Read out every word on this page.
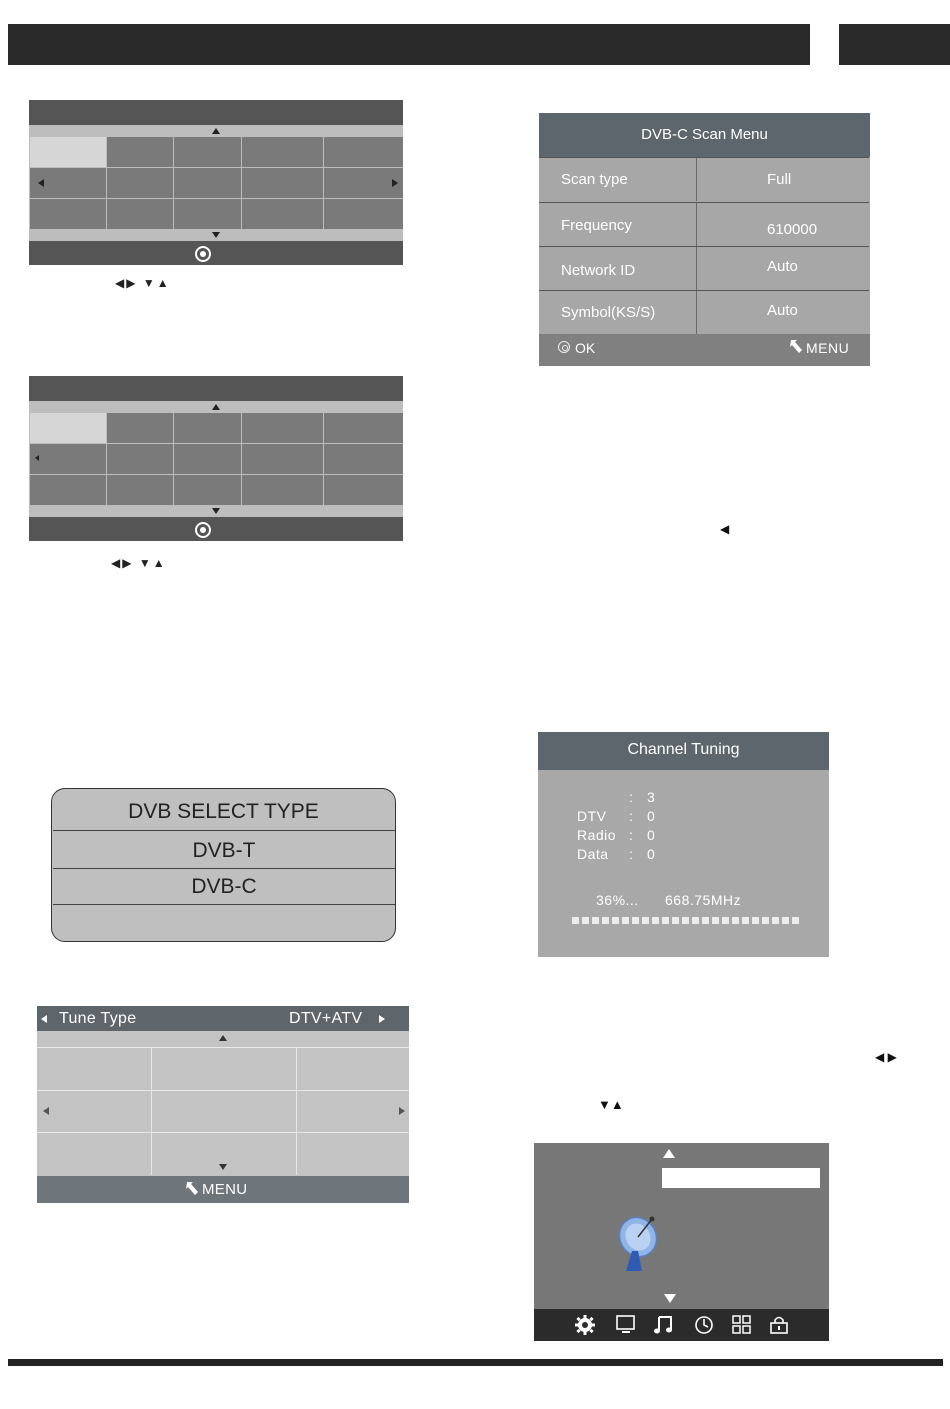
◀▶ ▼▲
◀▶ ▼▲
DVB-C Scan Menu
Scan type	Full
Frequency	610000
Network ID	Auto
Symbol(KS/S)	Auto
OK	MENU
◀
DVB SELECT TYPE
DVB-T
DVB-C
Channel Tuning
: 3
DTV : 0
Radio : 0
Data : 0
36%... 668.75MHz
Tune Type	DTV+ATV
MENU
◀ ▶
▼▲
